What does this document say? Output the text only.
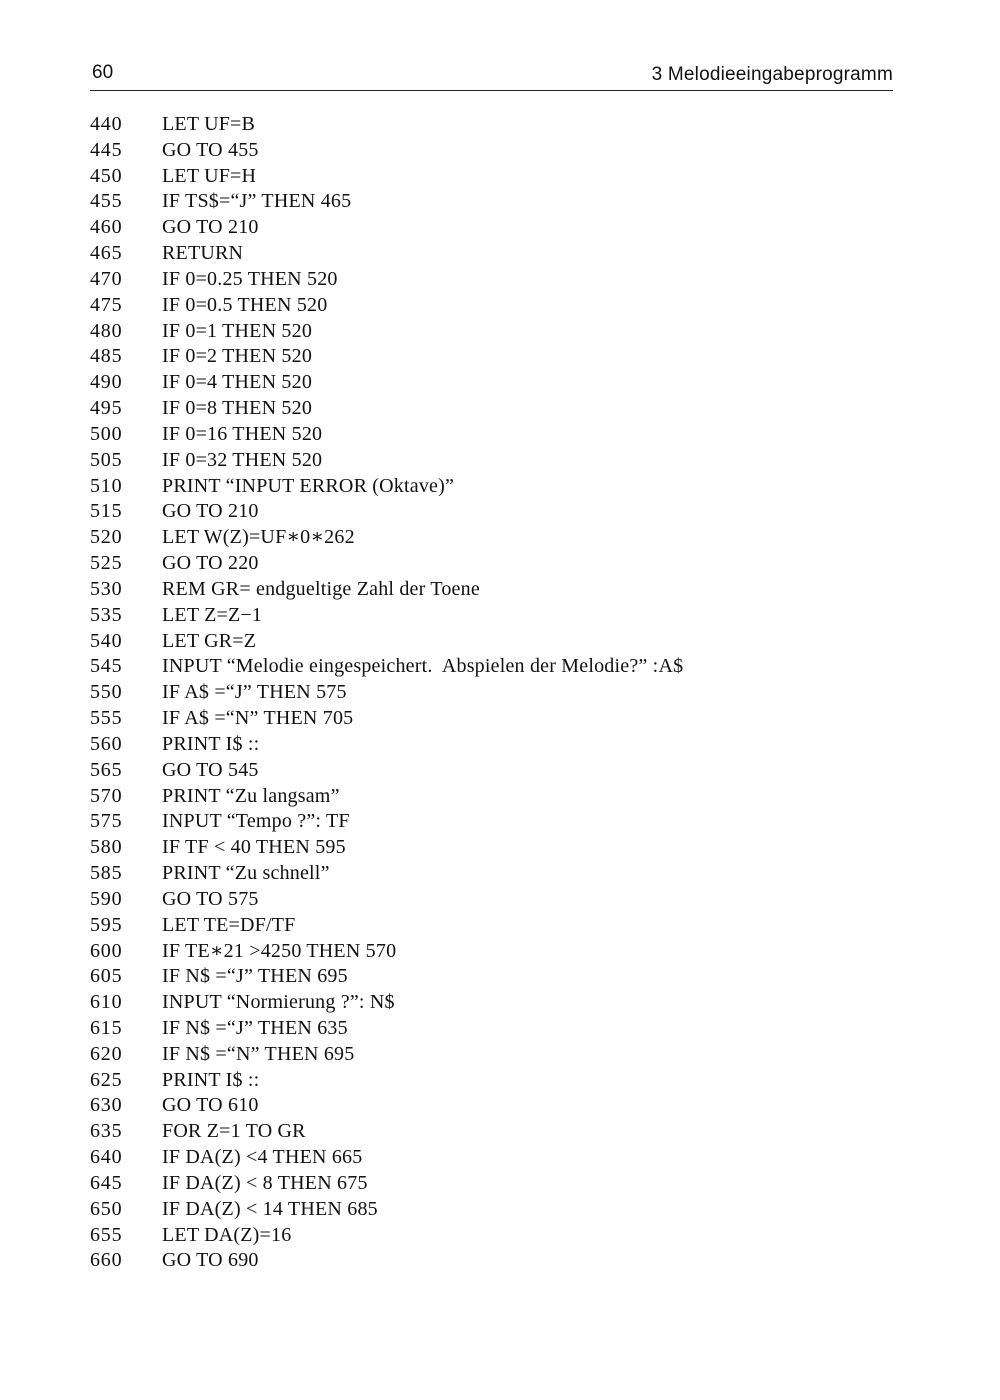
60	3 Melodieeingabeprogramm
440 LET UF=B
445 GO TO 455
450 LET UF=H
455 IF TS$=“J” THEN 465
460 GO TO 210
465 RETURN
470 IF 0=0.25 THEN 520
475 IF 0=0.5 THEN 520
480 IF 0=1 THEN 520
485 IF 0=2 THEN 520
490 IF 0=4 THEN 520
495 IF 0=8 THEN 520
500 IF 0=16 THEN 520
505 IF 0=32 THEN 520
510 PRINT “INPUT ERROR (Oktave)”
515 GO TO 210
520 LET W(Z)=UF∗0∗262
525 GO TO 220
530 REM GR= endgueltige Zahl der Toene
535 LET Z=Z−1
540 LET GR=Z
545 INPUT “Melodie eingespeichert.  Abspielen der Melodie?” :A$
550 IF A$ =“J” THEN 575
555 IF A$ =“N” THEN 705
560 PRINT I$ ::
565 GO TO 545
570 PRINT “Zu langsam”
575 INPUT “Tempo ?”: TF
580 IF TF < 40 THEN 595
585 PRINT “Zu schnell”
590 GO TO 575
595 LET TE=DF/TF
600 IF TE∗21 >4250 THEN 570
605 IF N$ =“J” THEN 695
610 INPUT “Normierung ?”: N$
615 IF N$ =“J” THEN 635
620 IF N$ =“N” THEN 695
625 PRINT I$ ::
630 GO TO 610
635 FOR Z=1 TO GR
640 IF DA(Z) <4 THEN 665
645 IF DA(Z) < 8 THEN 675
650 IF DA(Z) < 14 THEN 685
655 LET DA(Z)=16
660 GO TO 690
